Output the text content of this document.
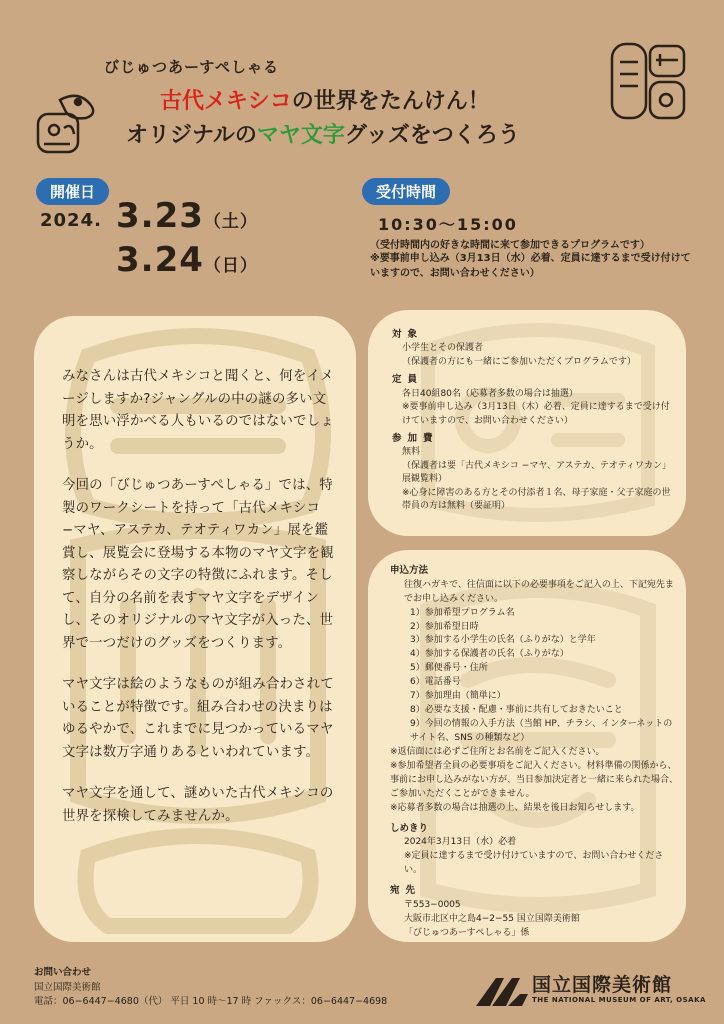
びじゅつあーすぺしゃる
古代メキシコの世界をたんけん！
オリジナルのマヤ文字グッズをつくろう
開催日
2024. 3.23（土）
3.24（日）
受付時間
10:30〜15:00
（受付時間内の好きな時間に来て参加できるプログラムです）
※要事前申し込み（3月13日（水）必着、定員に達するまで受け付けていますので、お問い合わせください）

みなさんは古代メキシコと聞くと、何をイメージしますか?ジャングルの中の謎の多い文明を思い浮かべる人もいるのではないでしょうか。

今回の「びじゅつあーすぺしゃる」では、特製のワークシートを持って「古代メキシコ −マヤ、アステカ、テオティワカン」展を鑑賞し、展覧会に登場する本物のマヤ文字を観察しながらその文字の特徴にふれます。そして、自分の名前を表すマヤ文字をデザインし、そのオリジナルのマヤ文字が入った、世界で一つだけのグッズをつくります。

マヤ文字は絵のようなものが組み合わされていることが特徴です。組み合わせの決まりはゆるやかで、これまでに見つかっているマヤ文字は数万字通りあるといわれています。

マヤ文字を通して、謎めいた古代メキシコの世界を探検してみませんか。

対象
小学生とその保護者
（保護者の方にも一緒にご参加いただくプログラムです）
定員
各日40組80名（応募者多数の場合は抽選）
※要事前申し込み（3月13日（木）必着、定員に達するまで受け付けていますので、お問い合わせください）
参加費
無料
（保護者は要「古代メキシコ −マヤ、アステカ、テオティワカン」展観覧料）
※心身に障害のある方とその付添者１名、母子家庭・父子家庭の世帯員の方は無料（要証明）
申込方法
往復ハガキで、往信面に以下の必要事項をご記入の上、下記宛先までお申し込みください。
1）参加希望プログラム名
2）参加希望日時
3）参加する小学生の氏名（ふりがな）と学年
4）参加する保護者の氏名（ふりがな）
5）郵便番号・住所
6）電話番号
7）参加理由（簡単に）
8）必要な支援・配慮・事前に共有しておきたいこと
9）今回の情報の入手方法（当館 HP、チラシ、インターネットのサイト名、SNS の種類など）
※返信面には必ずご住所とお名前をご記入ください。
※参加希望者全員の必要事項をご記入ください。材料準備の関係から、事前にお申し込みがない方が、当日参加決定者と一緒に来られた場合、ご参加いただくことができません。
※応募者多数の場合は抽選の上、結果を後日お知らせします。
しめきり
2024年3月13日（水）必着
※定員に達するまで受け付けていますので、お問い合わせください。
宛先
〒553−0005
大阪市北区中之島4−2−55 国立国際美術館
「びじゅつあーすぺしゃる」係
お問い合わせ
国立国際美術館
電話：06−6447−4680（代） 平日 10 時〜17 時 ファックス：06−6447−4698
国立国際美術館
THE NATIONAL MUSEUM OF ART, OSAKA
